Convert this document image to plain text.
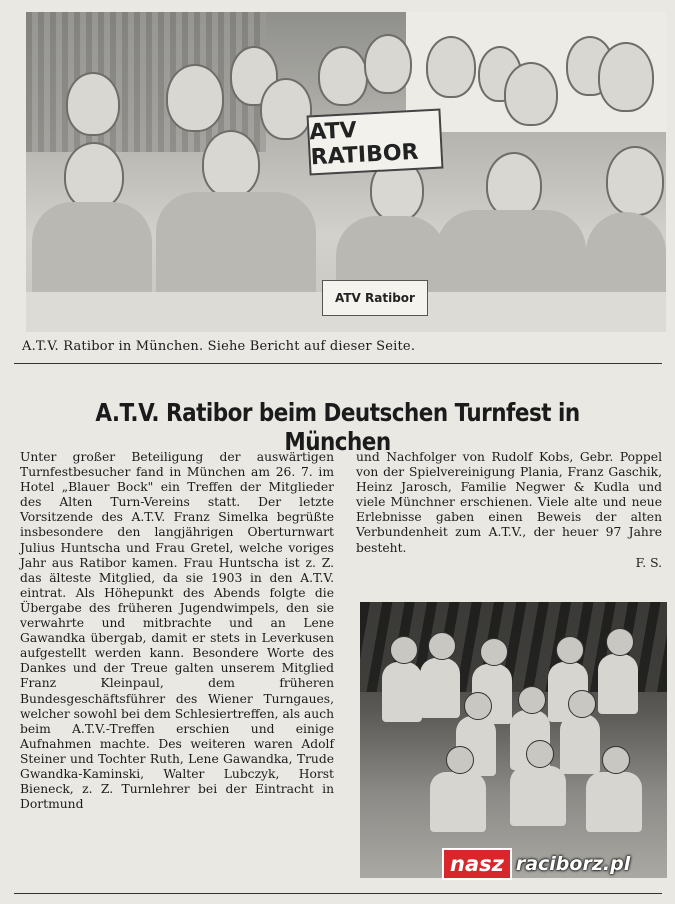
ATV RATIBOR
ATV Ratibor
A.T.V. Ratibor in München. Siehe Bericht auf dieser Seite.
A.T.V. Ratibor beim Deutschen Turnfest in München

Unter großer Beteiligung der auswärtigen Turnfestbesucher fand in München am 26. 7. im Hotel „Blauer Bock" ein Treffen der Mitglieder des Alten Turn-Vereins statt. Der letzte Vorsitzende des A.T.V. Franz Simelka begrüßte insbesondere den langjährigen Oberturnwart Julius Huntscha und Frau Gretel, welche voriges Jahr aus Ratibor kamen. Frau Huntscha ist z. Z. das älteste Mitglied, da sie 1903 in den A.T.V. eintrat. Als Höhepunkt des Abends folgte die Übergabe des früheren Jugendwimpels, den sie verwahrte und mitbrachte und an Lene Gawandka übergab, damit er stets in Leverkusen aufgestellt werden kann. Besondere Worte des Dankes und der Treue galten unserem Mitglied Franz Kleinpaul, dem früheren Bundesgeschäftsführer des Wiener Turngaues, welcher sowohl bei dem Schlesiertreffen, als auch beim A.T.V.-Treffen erschien und einige Aufnahmen machte. Des weiteren waren Adolf Steiner und Tochter Ruth, Lene Gawandka, Trude Gwandka-Kaminski, Walter Lubczyk, Horst Bieneck, z. Z. Turnlehrer bei der Eintracht in Dortmund

und Nachfolger von Rudolf Kobs, Gebr. Poppel von der Spielvereinigung Plania, Franz Gaschik, Heinz Jarosch, Familie Negwer & Kudla und viele Münchner erschienen. Viele alte und neue Erlebnisse gaben einen Beweis der alten Verbundenheit zum A.T.V., der heuer 97 Jahre besteht.

F. S.
nasz raciborz.pl
